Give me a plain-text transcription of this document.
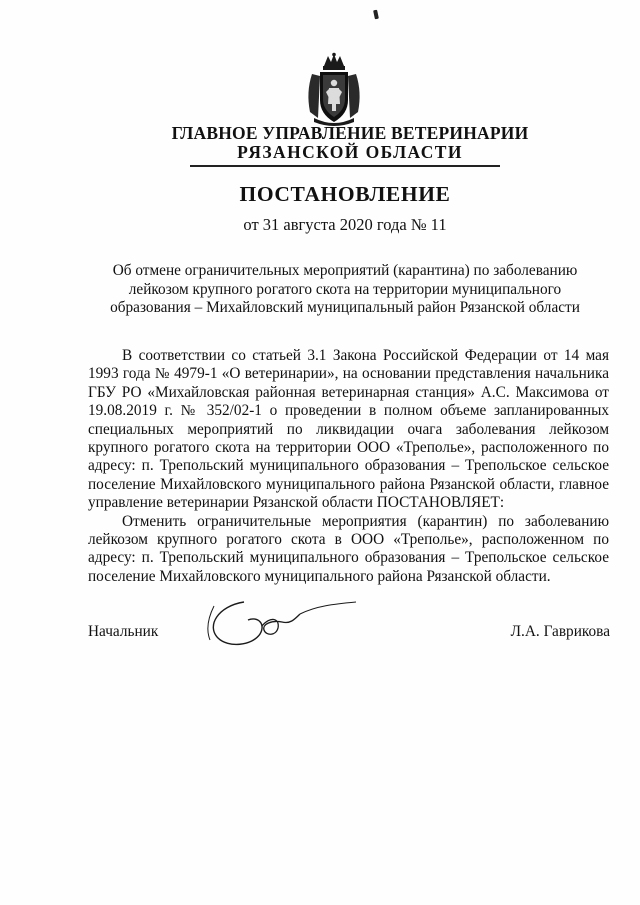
ГЛАВНОЕ УПРАВЛЕНИЕ ВЕТЕРИНАРИИ
РЯЗАНСКОЙ ОБЛАСТИ
ПОСТАНОВЛЕНИЕ
от 31 августа 2020 года № 11
Об отмене ограничительных мероприятий (карантина) по заболеванию
лейкозом крупного рогатого скота на территории муниципального
образования – Михайловский муниципальный район Рязанской области
В соответствии со статьей 3.1 Закона Российской Федерации от 14 мая
1993 года № 4979-1 «О ветеринарии», на основании представления начальника
ГБУ РО «Михайловская районная ветеринарная станция» А.С. Максимова от
19.08.2019 г. № 352/02-1 о проведении в полном объеме запланированных
специальных мероприятий по ликвидации очага заболевания лейкозом
крупного рогатого скота на территории ООО «Треполье», расположенного по
адресу: п. Трепольский муниципального образования – Трепольское сельское
поселение Михайловского муниципального района Рязанской области, главное
управление ветеринарии Рязанской области ПОСТАНОВЛЯЕТ:
Отменить ограничительные мероприятия (карантин) по заболеванию
лейкозом крупного рогатого скота в ООО «Треполье», расположенном по
адресу: п. Трепольский муниципального образования – Трепольское сельское
поселение Михайловского муниципального района Рязанской области.
Начальник	Л.А. Гаврикова
